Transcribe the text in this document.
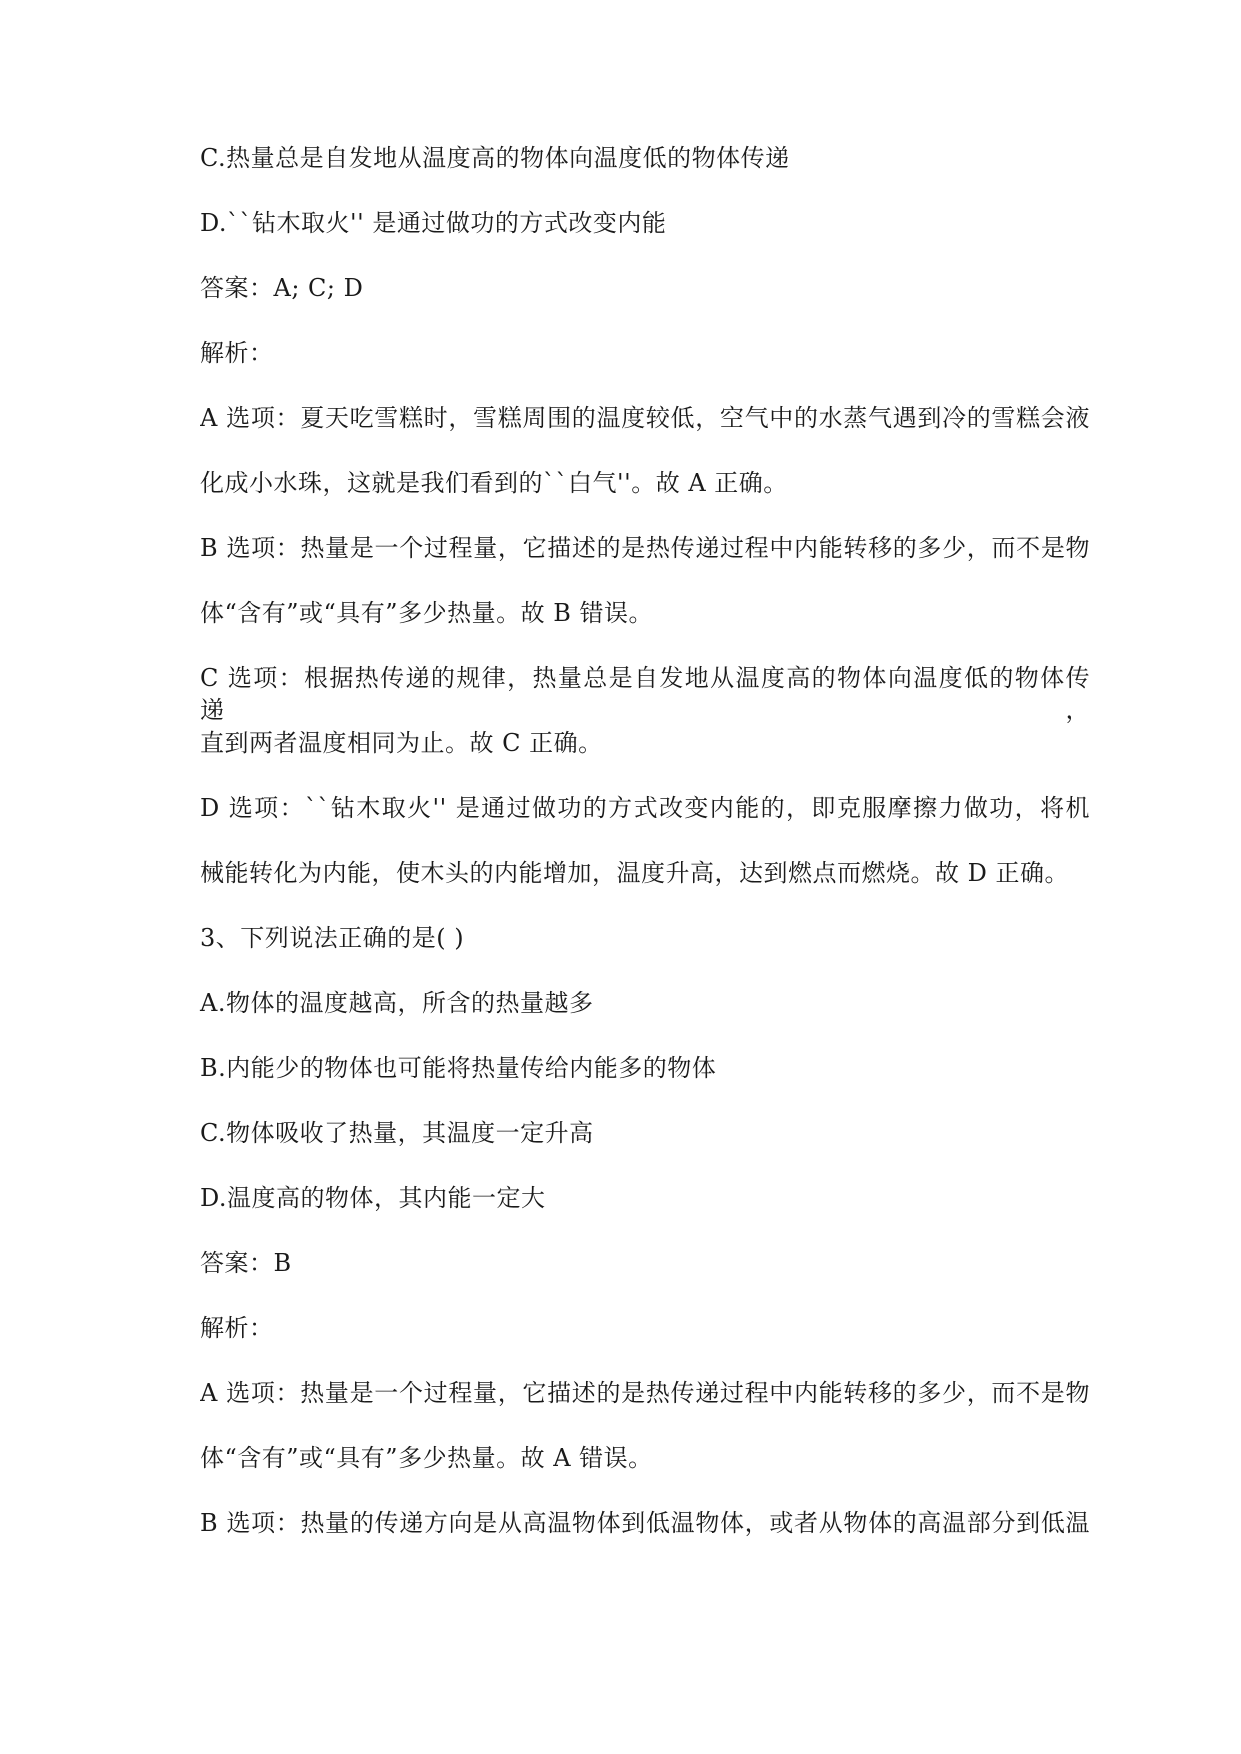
C.热量总是自发地从温度高的物体向温度低的物体传递
D.``钻木取火'' 是通过做功的方式改变内能
答案：A; C; D
解析：
A 选项：夏天吃雪糕时，雪糕周围的温度较低，空气中的水蒸气遇到冷的雪糕会液
化成小水珠，这就是我们看到的``白气''。故 A 正确。
B 选项：热量是一个过程量，它描述的是热传递过程中内能转移的多少，而不是物
体“含有”或“具有”多少热量。故 B 错误。
C 选项：根据热传递的规律，热量总是自发地从温度高的物体向温度低的物体传递，
直到两者温度相同为止。故 C 正确。
D 选项：``钻木取火'' 是通过做功的方式改变内能的，即克服摩擦力做功，将机
械能转化为内能，使木头的内能增加，温度升高，达到燃点而燃烧。故 D 正确。
3、下列说法正确的是( )
A.物体的温度越高，所含的热量越多
B.内能少的物体也可能将热量传给内能多的物体
C.物体吸收了热量，其温度一定升高
D.温度高的物体，其内能一定大
答案：B
解析：
A 选项：热量是一个过程量，它描述的是热传递过程中内能转移的多少，而不是物
体“含有”或“具有”多少热量。故 A 错误。
B 选项：热量的传递方向是从高温物体到低温物体，或者从物体的高温部分到低温
